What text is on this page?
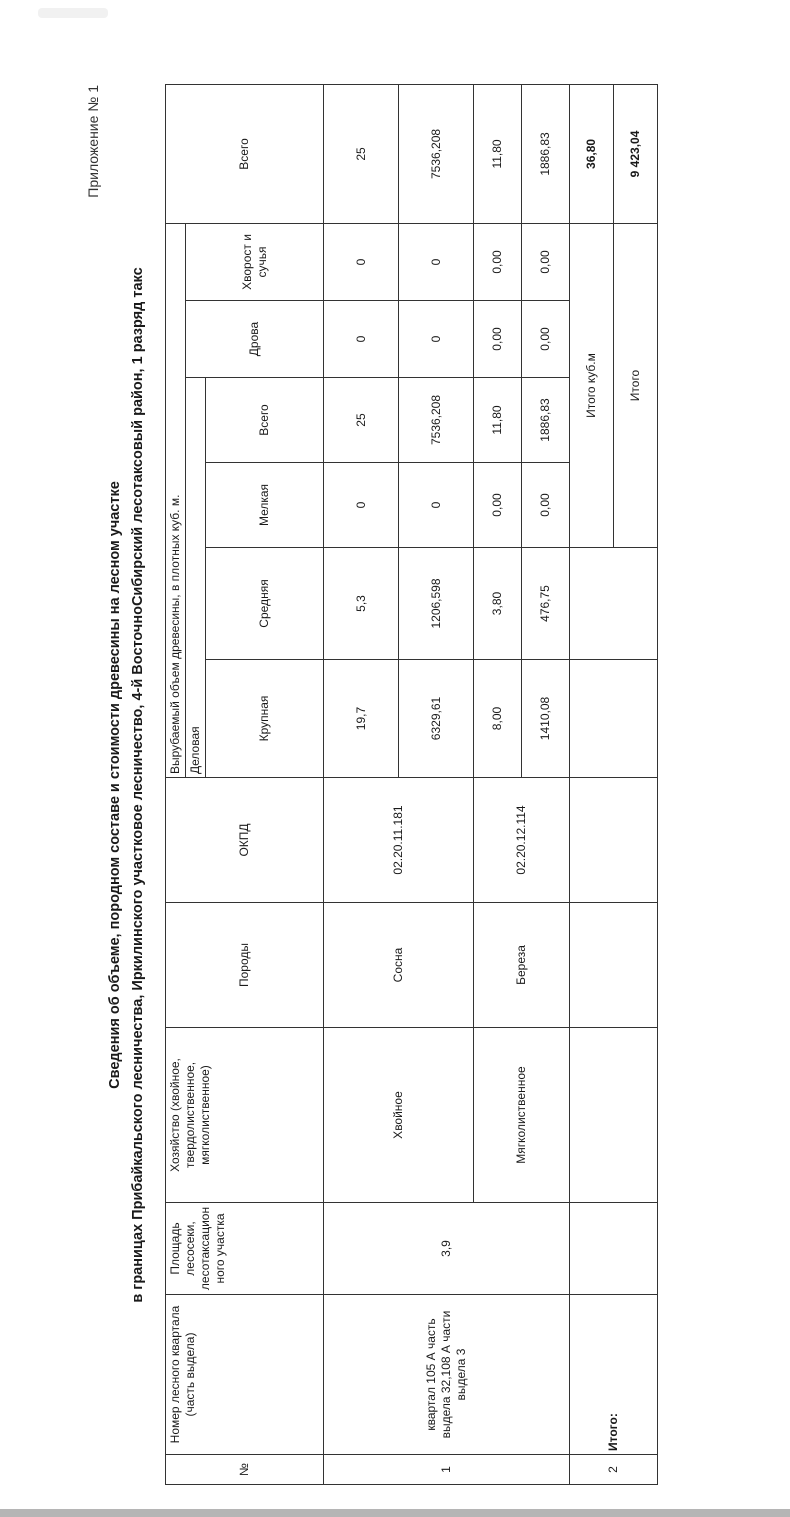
Приложение № 1
Сведения об объеме, породном составе и стоимости древесины на лесном участке в границах Прибайкальского лесничества, Иркилинского участковое лесничество, 4-й ВосточноСибирский лесотаксовый район, 1 разряд такс
№	Номер лесного квартала (часть выдела)	Площадь лесосеки, лесотаксацион ного участка	Хозяйство (хвойное, твердолиственное, мягколиственное)	Породы	ОКПД	Вырубаемый объем древесины, в плотных куб. м.						Всего
						Деловая				Дрова	Хворост и сучья	
						Крупная	Средняя	Мелкая	Всего			
1	квартал 105 А часть выдела 32,108 А части выдела 3	3,9	Хвойное	Сосна	02.20.11.181	19,7	5,3	0	25	0	0	25
						6329,61	1206,598	0	7536,208	0	0	7536,208
			Мягколиственное	Береза	02.20.12.114	8,00	3,80	0,00	11,80	0,00	0,00	11,80
						1410,08	476,75	0,00	1886,83	0,00	0,00	1886,83
2	Итого:							Итого куб.м				36,80
								Итого				9 423,04
